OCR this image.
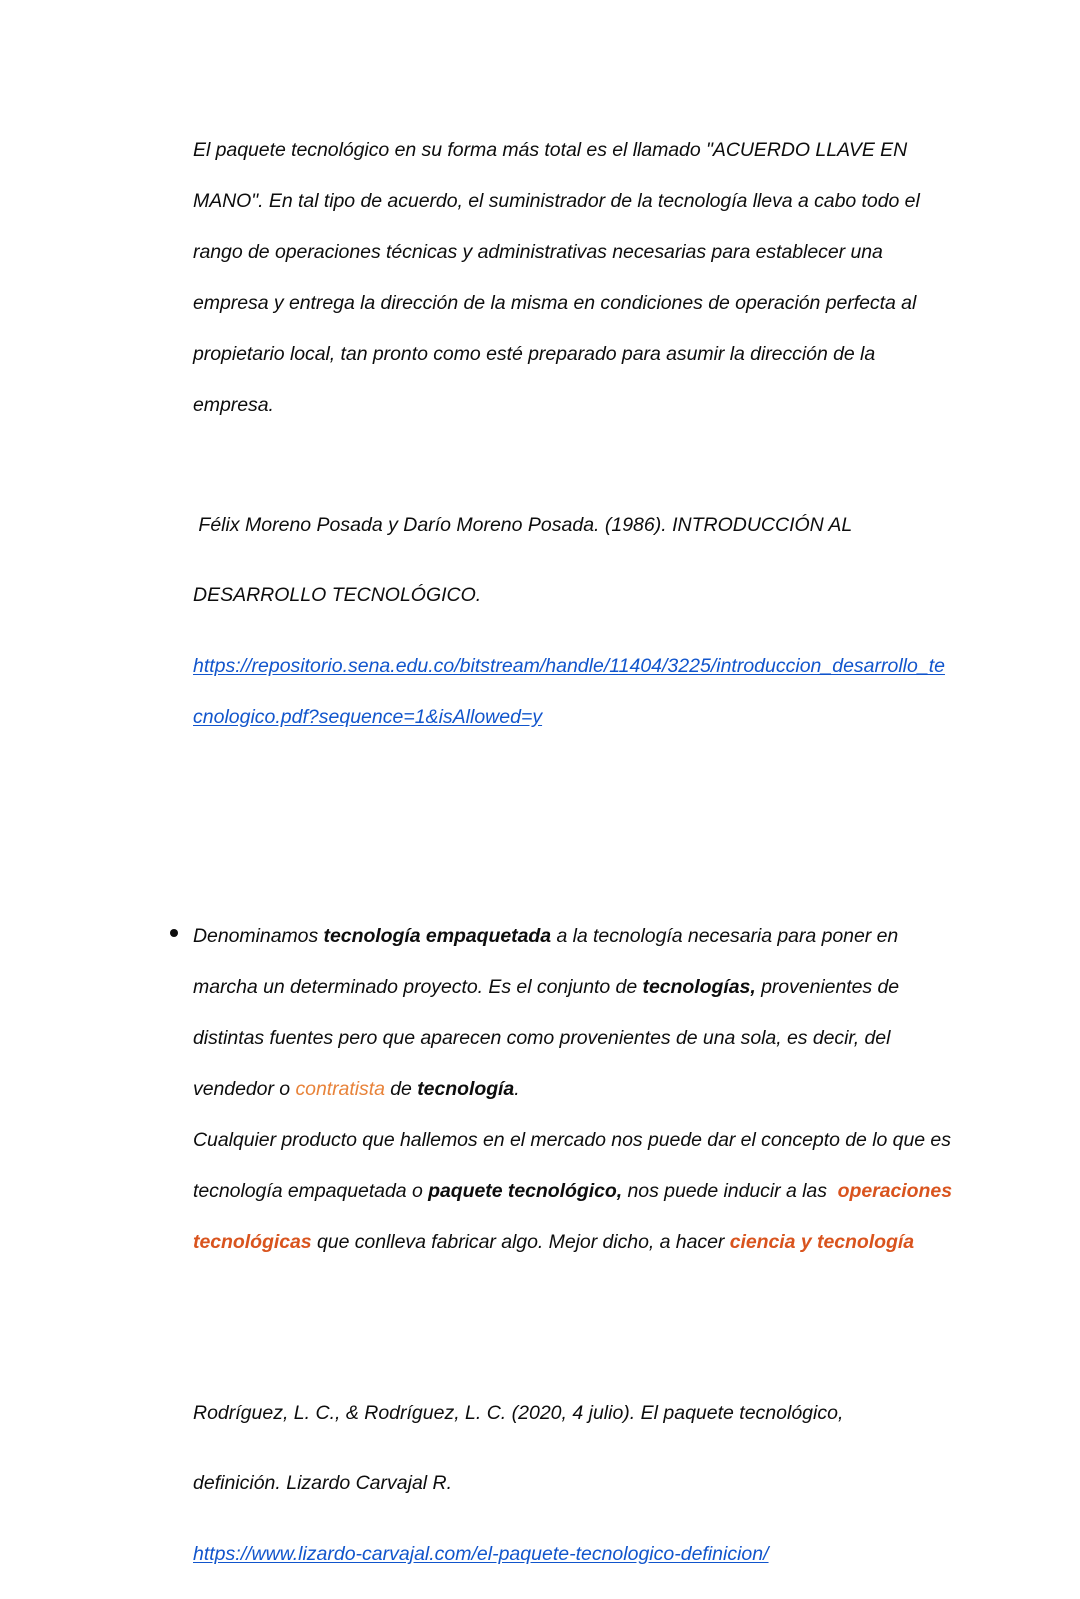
El paquete tecnológico en su forma más total es el llamado "ACUERDO LLAVE EN MANO". En tal tipo de acuerdo, el suministrador de la tecnología lleva a cabo todo el rango de operaciones técnicas y administrativas necesarias para establecer una empresa y entrega la dirección de la misma en condiciones de operación perfecta al propietario local, tan pronto como esté preparado para asumir la dirección de la empresa.

Félix Moreno Posada y Darío Moreno Posada. (1986). INTRODUCCIÓN AL

DESARROLLO TECNOLÓGICO.

https://repositorio.sena.edu.co/bitstream/handle/11404/3225/introduccion_desarrollo_tecnologico.pdf?sequence=1&isAllowed=y

Denominamos tecnología empaquetada a la tecnología necesaria para poner en marcha un determinado proyecto. Es el conjunto de tecnologías, provenientes de distintas fuentes pero que aparecen como provenientes de una sola, es decir, del vendedor o contratista de tecnología.

Cualquier producto que hallemos en el mercado nos puede dar el concepto de lo que es tecnología empaquetada o paquete tecnológico, nos puede inducir a las  operaciones tecnológicas que conlleva fabricar algo. Mejor dicho, a hacer ciencia y tecnología

Rodríguez, L. C., & Rodríguez, L. C. (2020, 4 julio). El paquete tecnológico,

definición. Lizardo Carvajal R.

https://www.lizardo-carvajal.com/el-paquete-tecnologico-definicion/
